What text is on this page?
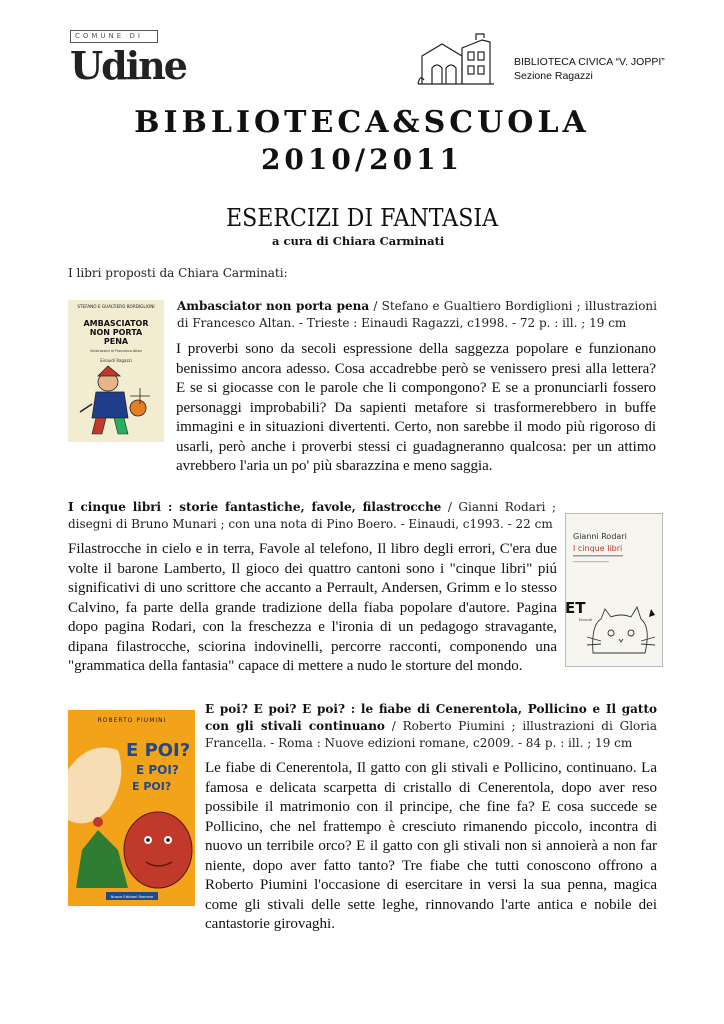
COMUNE DI
Udine	BIBLIOTECA CIVICA “V. JOPPI”
Sezione Ragazzi
BIBLIOTECA&SCUOLA
2010/2011
ESERCIZI DI FANTASIA
a cura di Chiara Carminati
I libri proposti da Chiara Carminati:
STEFANO E GUALTIERO BORDIGLIONI
AMBASCIATOR
NON PORTA
PENA
Illustrazioni di Francesco Altan
Einaudi Ragazzi
Ambasciator non porta pena / Stefano e Gualtiero Bordiglioni ; illustrazioni di Francesco Altan. - Trieste : Einaudi Ragazzi, c1998. - 72 p. : ill. ; 19 cm
I proverbi sono da secoli espressione della saggezza popolare e funzionano benissimo ancora adesso. Cosa accadrebbe però se venissero presi alla lettera? E se si giocasse con le parole che li compongono? E se a pronunciarli fossero personaggi improbabili? Da sapienti metafore si trasformerebbero in buffe immagini e in situazioni divertenti. Certo, non sarebbe il modo più rigoroso di usarli, però anche i proverbi stessi ci guadagneranno qualcosa: per un attimo avrebbero l'aria un po' più sbarazzina e meno saggia.
I cinque libri : storie fantastiche, favole, filastrocche / Gianni Rodari ; disegni di Bruno Munari ; con una nota di Pino Boero. - Einaudi, c1993. - 22 cm
Filastrocche in cielo e in terra, Favole al telefono, Il libro degli errori, C'era due volte il barone Lamberto, Il gioco dei quattro cantoni sono i "cinque libri" piú significativi di uno scrittore che accanto a Perrault, Andersen, Grimm e lo stesso Calvino, fa parte della grande tradizione della fiaba popolare d'autore. Pagina dopo pagina Rodari, con la freschezza e l'ironia di un pedagogo stravagante, dipana filastrocche, sciorina indovinelli, percorre racconti, componendo una "grammatica della fantasia" capace di mettere a nudo le storture del mondo.
Gianni Rodari
I cinque libri
ET
Einaudi
ROBERTO PIUMINI
E POI?
E POI?
E POI?
Nuove Edizioni Romane
E poi? E poi? E poi? : le fiabe di Cenerentola, Pollicino e Il gatto con gli stivali continuano / Roberto Piumini ; illustrazioni di Gloria Francella. - Roma : Nuove edizioni romane, c2009. - 84 p. : ill. ; 19 cm
Le fiabe di Cenerentola, Il gatto con gli stivali e Pollicino, continuano. La famosa e delicata scarpetta di cristallo di Cenerentola, dopo aver reso possibile il matrimonio con il principe, che fine fa? E cosa succede se Pollicino, che nel frattempo è cresciuto rimanendo piccolo, incontra di nuovo un terribile orco? E il gatto con gli stivali non si annoierà a non far niente, dopo aver fatto tanto? Tre fiabe che tutti conoscono offrono a Roberto Piumini l'occasione di esercitare in versi la sua penna, magica come gli stivali delle sette leghe, rinnovando l'arte antica e nobile dei cantastorie girovaghi.
